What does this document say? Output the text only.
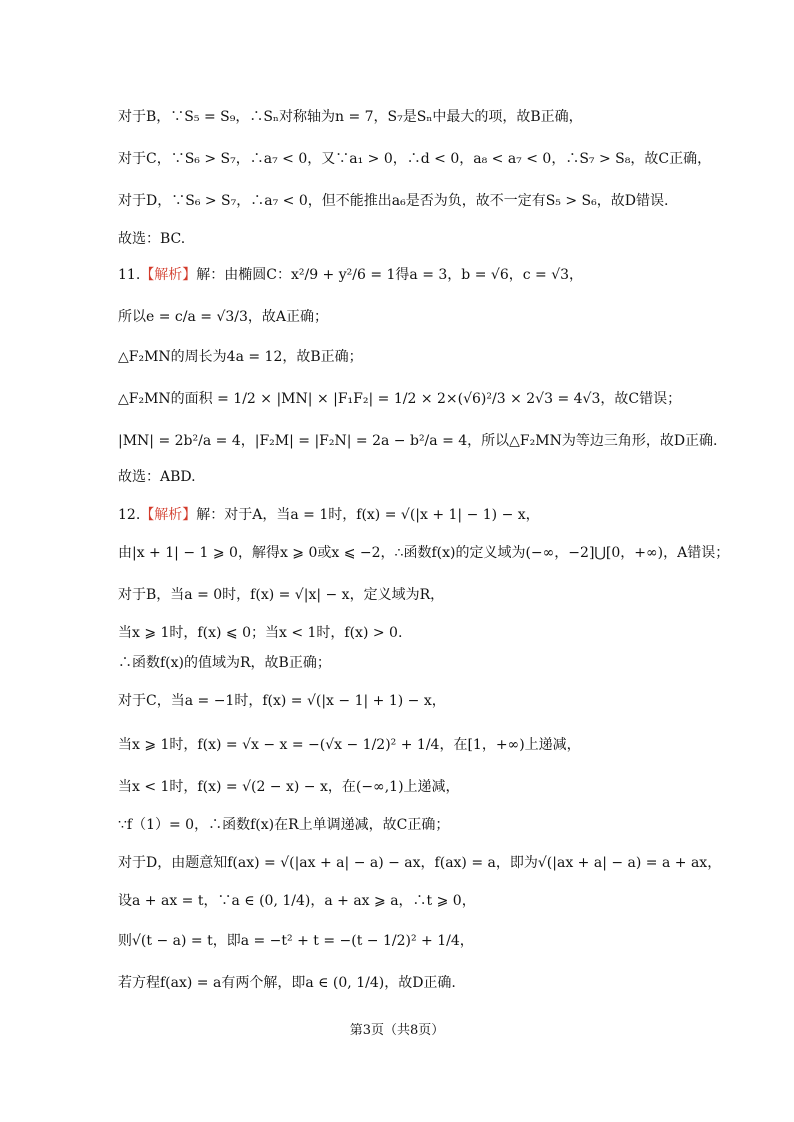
对于B，∵S₅ = S₉，∴Sₙ对称轴为n = 7，S₇是Sₙ中最大的项，故B正确，
对于C，∵S₆ > S₇，∴a₇ < 0，又∵a₁ > 0，∴d < 0，a₈ < a₇ < 0，∴S₇ > S₈，故C正确，
对于D，∵S₆ > S₇，∴a₇ < 0，但不能推出a₆是否为负，故不一定有S₅ > S₆，故D错误.
故选：BC.
11.【解析】解：由椭圆C：x²/9 + y²/6 = 1得a = 3，b = √6，c = √3，
所以e = c/a = √3/3，故A正确；
△F₂MN的周长为4a = 12，故B正确；
△F₂MN的面积 = 1/2 × |MN| × |F₁F₂| = 1/2 × 2×(√6)²/3 × 2√3 = 4√3，故C错误；
|MN| = 2b²/a = 4，|F₂M| = |F₂N| = 2a − b²/a = 4，所以△F₂MN为等边三角形，故D正确.
故选：ABD.
12.【解析】解：对于A，当a = 1时，f(x) = √(|x + 1| − 1) − x，
由|x + 1| − 1 ⩾ 0，解得x ⩾ 0或x ⩽ −2，∴函数f(x)的定义域为(−∞，−2]⋃[0，+∞)，A错误；
对于B，当a = 0时，f(x) = √|x| − x，定义域为R，
当x ⩾ 1时，f(x) ⩽ 0；当x < 1时，f(x) > 0.
∴函数f(x)的值域为R，故B正确；
对于C，当a = −1时，f(x) = √(|x − 1| + 1) − x，
当x ⩾ 1时，f(x) = √x − x = −(√x − 1/2)² + 1/4，在[1，+∞)上递减，
当x < 1时，f(x) = √(2 − x) − x，在(−∞,1)上递减，
∵f（1）= 0，∴函数f(x)在R上单调递减，故C正确；
对于D，由题意知f(ax) = √(|ax + a| − a) − ax，f(ax) = a，即为√(|ax + a| − a) = a + ax，
设a + ax = t，∵a ∈ (0, 1/4)，a + ax ⩾ a，∴t ⩾ 0，
则√(t − a) = t，即a = −t² + t = −(t − 1/2)² + 1/4，
若方程f(ax) = a有两个解，即a ∈ (0, 1/4)，故D正确.
第3页（共8页）
